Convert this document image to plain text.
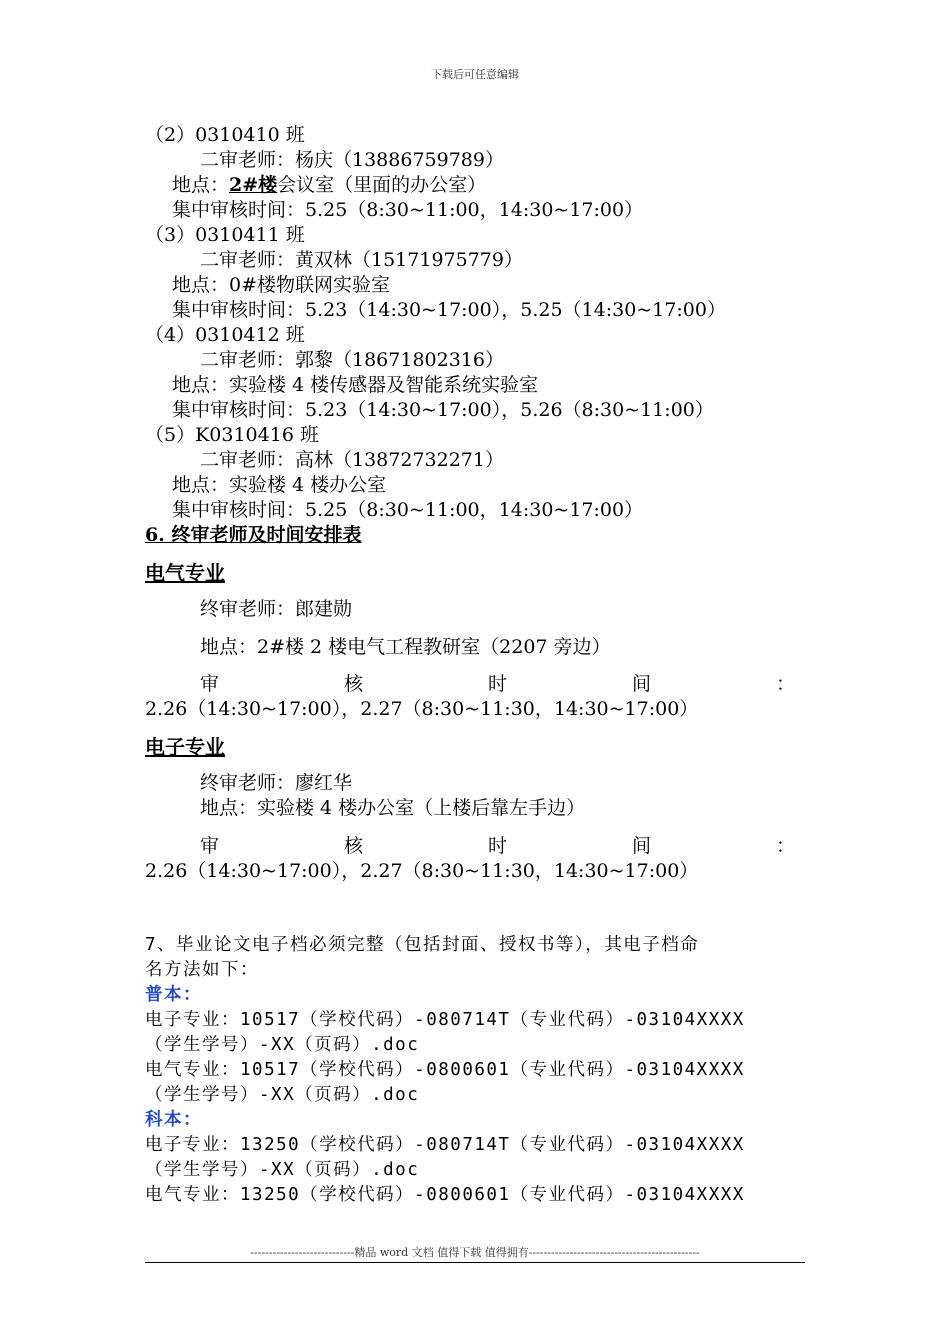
下载后可任意编辑
（2）0310410 班
二审老师：杨庆（13886759789）
地点：2#楼会议室（里面的办公室）
集中审核时间：5.25（8:30~11:00，14:30~17:00）
（3）0310411 班
二审老师：黄双林（15171975779）
地点：0#楼物联网实验室
集中审核时间：5.23（14:30~17:00），5.25（14:30~17:00）
（4）0310412 班
二审老师：郭黎（18671802316）
地点：实验楼 4 楼传感器及智能系统实验室
集中审核时间：5.23（14:30~17:00），5.26（8:30~11:00）
（5）K0310416 班
二审老师：高林（13872732271）
地点：实验楼 4 楼办公室
集中审核时间：5.25（8:30~11:00，14:30~17:00）
6. 终审老师及时间安排表
电气专业
终审老师：郎建勋
地点：2#楼 2 楼电气工程教研室（2207 旁边）
审	核	时	间	：
2.26（14:30~17:00），2.27（8:30~11:30，14:30~17:00）
电子专业
终审老师：廖红华
地点：实验楼 4 楼办公室（上楼后靠左手边）
审	核	时	间	：
2.26（14:30~17:00），2.27（8:30~11:30，14:30~17:00）
7、毕业论文电子档必须完整（包括封面、授权书等），其电子档命
名方法如下：
普本：
电子专业：10517（学校代码）-080714T（专业代码）-03104XXXX
（学生学号）-XX（页码）.doc
电气专业：10517（学校代码）-0800601（专业代码）-03104XXXX
（学生学号）-XX（页码）.doc
科本：
电子专业：13250（学校代码）-080714T（专业代码）-03104XXXX
（学生学号）-XX（页码）.doc
电气专业：13250（学校代码）-0800601（专业代码）-03104XXXX
----------------------------精品 word 文档 值得下载 值得拥有----------------------------------------------
